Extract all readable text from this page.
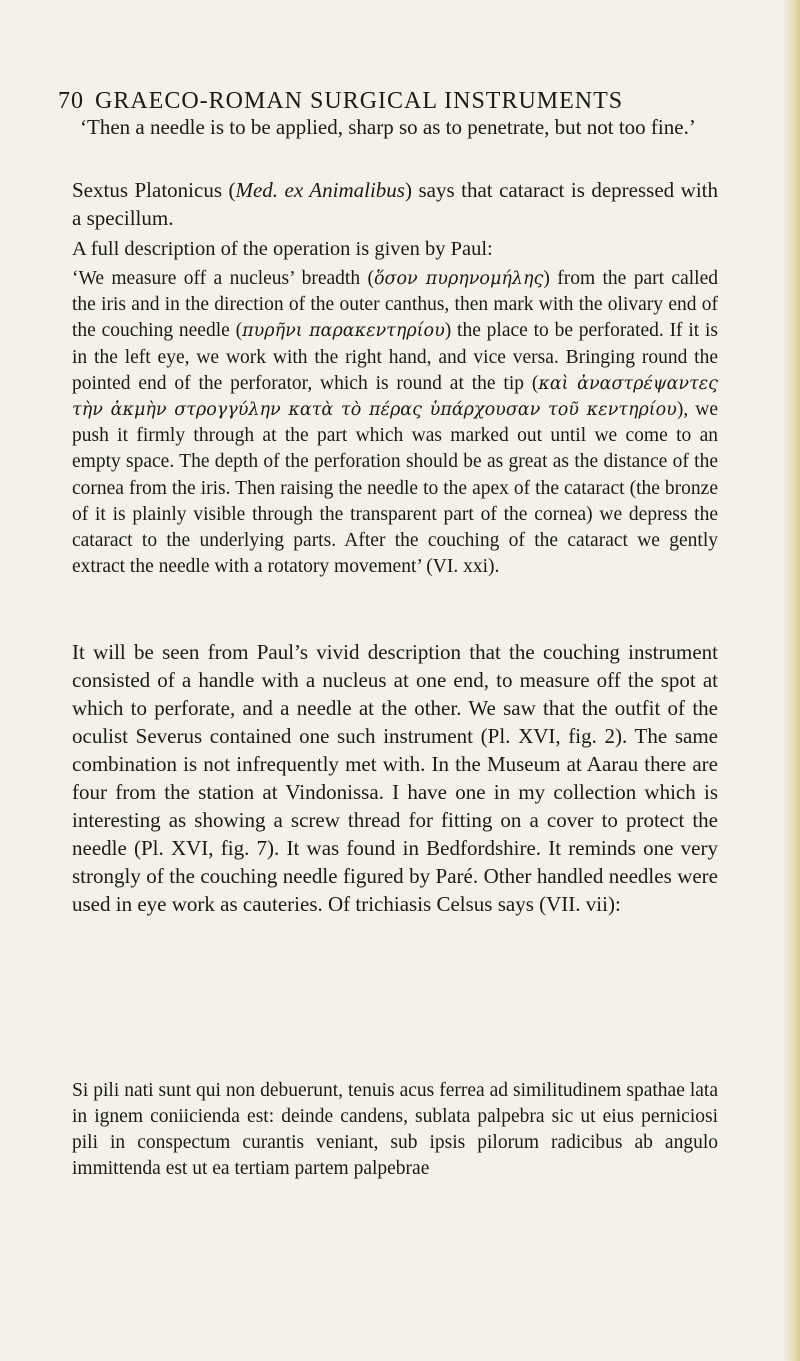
70 GRAECO-ROMAN SURGICAL INSTRUMENTS

‘Then a needle is to be applied, sharp so as to penetrate, but not too fine.’

Sextus Platonicus (Med. ex Animalibus) says that cataract is depressed with a specillum.

A full description of the operation is given by Paul:

‘We measure off a nucleus’ breadth (ὅσον πυρηνομήλης) from the part called the iris and in the direction of the outer canthus, then mark with the olivary end of the couching needle (πυρῆνι παρακεντηρίου) the place to be perforated. If it is in the left eye, we work with the right hand, and vice versa. Bringing round the pointed end of the perforator, which is round at the tip (καὶ ἀναστρέψαντες τὴν ἀκμὴν στρογγύλην κατὰ τὸ πέρας ὑπάρχουσαν τοῦ κεντηρίου), we push it firmly through at the part which was marked out until we come to an empty space. The depth of the perforation should be as great as the distance of the cornea from the iris. Then raising the needle to the apex of the cataract (the bronze of it is plainly visible through the transparent part of the cornea) we depress the cataract to the underlying parts. After the couching of the cataract we gently extract the needle with a rotatory movement’ (VI. xxi).

It will be seen from Paul’s vivid description that the couching instrument consisted of a handle with a nucleus at one end, to measure off the spot at which to perforate, and a needle at the other. We saw that the outfit of the oculist Severus contained one such instrument (Pl. XVI, fig. 2). The same combination is not infrequently met with. In the Museum at Aarau there are four from the station at Vindonissa. I have one in my collection which is interesting as showing a screw thread for fitting on a cover to protect the needle (Pl. XVI, fig. 7). It was found in Bedfordshire. It reminds one very strongly of the couching needle figured by Paré. Other handled needles were used in eye work as cauteries. Of trichiasis Celsus says (VII. vii):

Si pili nati sunt qui non debuerunt, tenuis acus ferrea ad similitudinem spathae lata in ignem coniicienda est: deinde candens, sublata palpebra sic ut eius perniciosi pili in conspectum curantis veniant, sub ipsis pilorum radicibus ab angulo immittenda est ut ea tertiam partem palpebrae
